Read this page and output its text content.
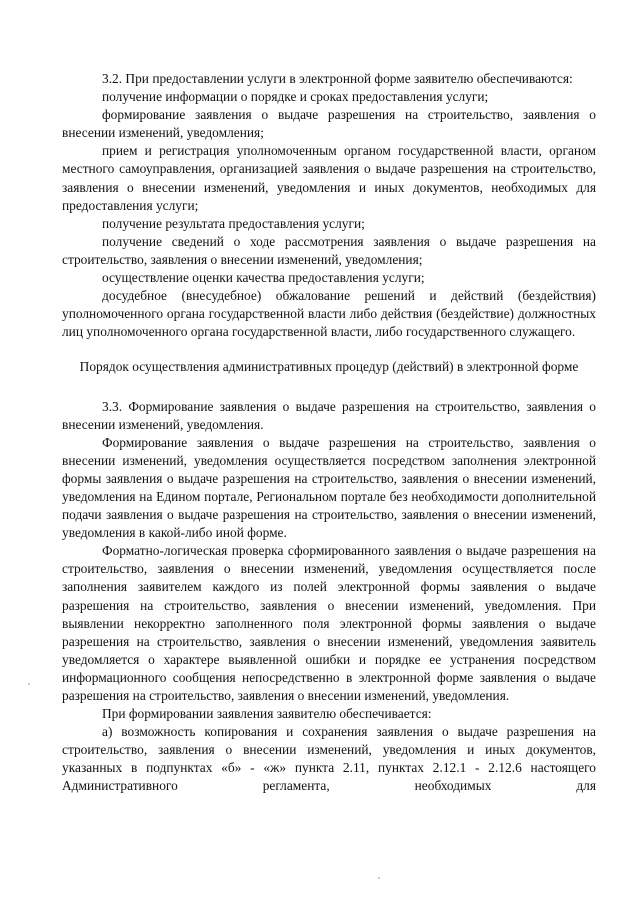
3.2. При предоставлении услуги в электронной форме заявителю обеспечиваются:

получение информации о порядке и сроках предоставления услуги;

формирование заявления о выдаче разрешения на строительство, заявления о внесении изменений, уведомления;

прием и регистрация уполномоченным органом государственной власти, органом местного самоуправления, организацией заявления о выдаче разрешения на строительство, заявления о внесении изменений, уведомления и иных документов, необходимых для предоставления услуги;

получение результата предоставления услуги;

получение сведений о ходе рассмотрения заявления о выдаче разрешения на строительство, заявления о внесении изменений, уведомления;

осуществление оценки качества предоставления услуги;

досудебное (внесудебное) обжалование решений и действий (бездействия) уполномоченного органа государственной власти либо действия (бездействие) должностных лиц уполномоченного органа государственной власти, либо государственного служащего.

Порядок осуществления административных процедур (действий) в электронной форме

3.3. Формирование заявления о выдаче разрешения на строительство, заявления о внесении изменений, уведомления.

Формирование заявления о выдаче разрешения на строительство, заявления о внесении изменений, уведомления осуществляется посредством заполнения электронной формы заявления о выдаче разрешения на строительство, заявления о внесении изменений, уведомления на Едином портале, Региональном портале без необходимости дополнительной подачи заявления о выдаче разрешения на строительство, заявления о внесении изменений, уведомления в какой-либо иной форме.

Форматно-логическая проверка сформированного заявления о выдаче разрешения на строительство, заявления о внесении изменений, уведомления осуществляется после заполнения заявителем каждого из полей электронной формы заявления о выдаче разрешения на строительство, заявления о внесении изменений, уведомления. При выявлении некорректно заполненного поля электронной формы заявления о выдаче разрешения на строительство, заявления о внесении изменений, уведомления заявитель уведомляется о характере выявленной ошибки и порядке ее устранения посредством информационного сообщения непосредственно в электронной форме заявления о выдаче разрешения на строительство, заявления о внесении изменений, уведомления.

При формировании заявления заявителю обеспечивается:

а) возможность копирования и сохранения заявления о выдаче разрешения на строительство, заявления о внесении изменений, уведомления и иных документов, указанных в подпунктах «б» - «ж» пункта 2.11, пунктах 2.12.1 - 2.12.6 настоящего Административного регламента, необходимых для
